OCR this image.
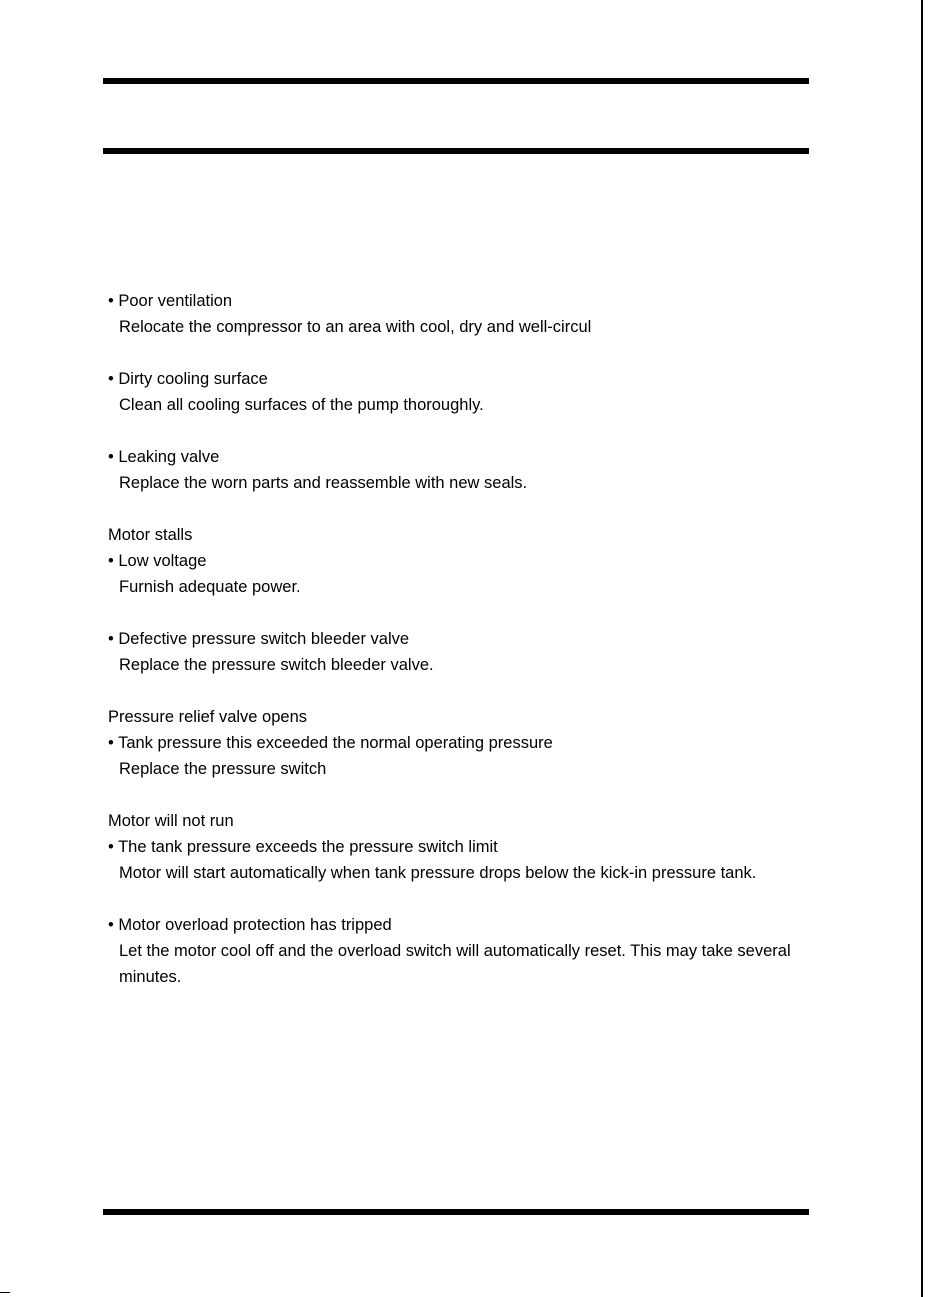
• Poor ventilation
Relocate the compressor to an area with cool, dry and well-circul
• Dirty cooling surface
Clean all cooling surfaces of the pump thoroughly.
• Leaking valve
Replace the worn parts and reassemble with new seals.
Motor stalls
• Low voltage
Furnish adequate power.
• Defective pressure switch bleeder valve
Replace the pressure switch bleeder valve.
Pressure relief valve opens
• Tank pressure this exceeded the normal operating pressure
Replace the pressure switch
Motor will not run
• The tank pressure exceeds the pressure switch limit
Motor will start automatically when tank pressure drops below the kick-in pressure tank.
• Motor overload protection has tripped
Let the motor cool off and the overload switch will automatically reset. This may take several
minutes.
